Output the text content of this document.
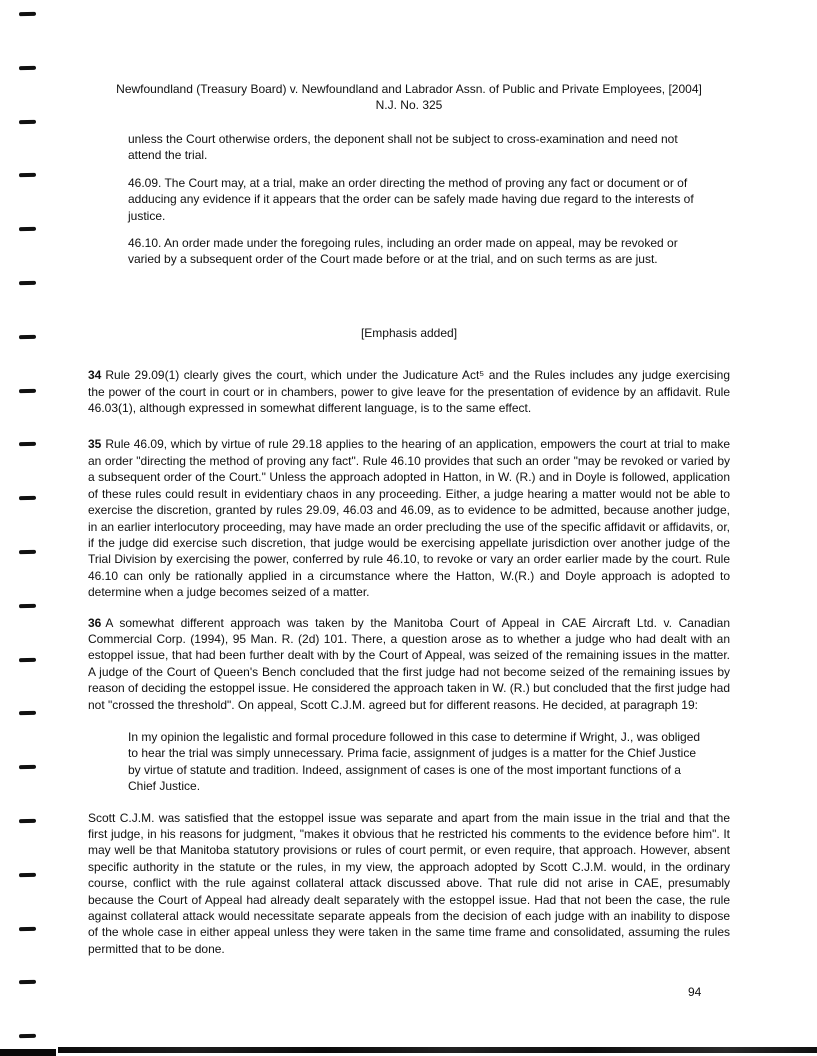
Newfoundland (Treasury Board) v. Newfoundland and Labrador Assn. of Public and Private Employees, [2004]
N.J. No. 325
unless the Court otherwise orders, the deponent shall not be subject to cross-examination and need not attend the trial.
46.09. The Court may, at a trial, make an order directing the method of proving any fact or document or of adducing any evidence if it appears that the order can be safely made having due regard to the interests of justice.
46.10. An order made under the foregoing rules, including an order made on appeal, may be revoked or varied by a subsequent order of the Court made before or at the trial, and on such terms as are just.
[Emphasis added]
34 Rule 29.09(1) clearly gives the court, which under the Judicature Act⁵ and the Rules includes any judge exercising the power of the court in court or in chambers, power to give leave for the presentation of evidence by an affidavit. Rule 46.03(1), although expressed in somewhat different language, is to the same effect.
35 Rule 46.09, which by virtue of rule 29.18 applies to the hearing of an application, empowers the court at trial to make an order "directing the method of proving any fact". Rule 46.10 provides that such an order "may be revoked or varied by a subsequent order of the Court." Unless the approach adopted in Hatton, in W. (R.) and in Doyle is followed, application of these rules could result in evidentiary chaos in any proceeding. Either, a judge hearing a matter would not be able to exercise the discretion, granted by rules 29.09, 46.03 and 46.09, as to evidence to be admitted, because another judge, in an earlier interlocutory proceeding, may have made an order precluding the use of the specific affidavit or affidavits, or, if the judge did exercise such discretion, that judge would be exercising appellate jurisdiction over another judge of the Trial Division by exercising the power, conferred by rule 46.10, to revoke or vary an order earlier made by the court. Rule 46.10 can only be rationally applied in a circumstance where the Hatton, W.(R.) and Doyle approach is adopted to determine when a judge becomes seized of a matter.
36 A somewhat different approach was taken by the Manitoba Court of Appeal in CAE Aircraft Ltd. v. Canadian Commercial Corp. (1994), 95 Man. R. (2d) 101. There, a question arose as to whether a judge who had dealt with an estoppel issue, that had been further dealt with by the Court of Appeal, was seized of the remaining issues in the matter. A judge of the Court of Queen's Bench concluded that the first judge had not become seized of the remaining issues by reason of deciding the estoppel issue. He considered the approach taken in W. (R.) but concluded that the first judge had not "crossed the threshold". On appeal, Scott C.J.M. agreed but for different reasons. He decided, at paragraph 19:
In my opinion the legalistic and formal procedure followed in this case to determine if Wright, J., was obliged to hear the trial was simply unnecessary. Prima facie, assignment of judges is a matter for the Chief Justice by virtue of statute and tradition. Indeed, assignment of cases is one of the most important functions of a Chief Justice.
Scott C.J.M. was satisfied that the estoppel issue was separate and apart from the main issue in the trial and that the first judge, in his reasons for judgment, "makes it obvious that he restricted his comments to the evidence before him". It may well be that Manitoba statutory provisions or rules of court permit, or even require, that approach. However, absent specific authority in the statute or the rules, in my view, the approach adopted by Scott C.J.M. would, in the ordinary course, conflict with the rule against collateral attack discussed above. That rule did not arise in CAE, presumably because the Court of Appeal had already dealt separately with the estoppel issue. Had that not been the case, the rule against collateral attack would necessitate separate appeals from the decision of each judge with an inability to dispose of the whole case in either appeal unless they were taken in the same time frame and consolidated, assuming the rules permitted that to be done.
94
